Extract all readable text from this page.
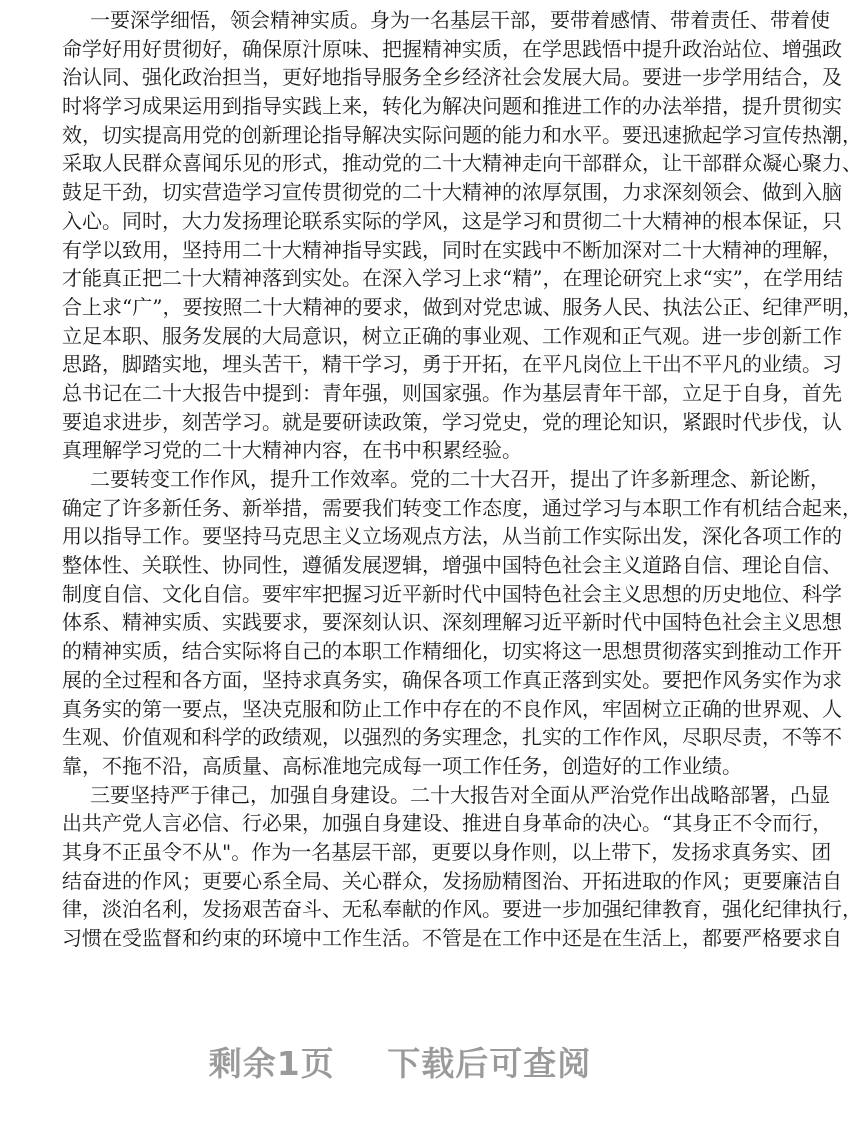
一要深学细悟，领会精神实质。身为一名基层干部，要带着感情、带着责任、带着使
命学好用好贯彻好，确保原汁原味、把握精神实质，在学思践悟中提升政治站位、增强政
治认同、强化政治担当，更好地指导服务全乡经济社会发展大局。要进一步学用结合，及
时将学习成果运用到指导实践上来，转化为解决问题和推进工作的办法举措，提升贯彻实
效，切实提高用党的创新理论指导解决实际问题的能力和水平。要迅速掀起学习宣传热潮，
采取人民群众喜闻乐见的形式，推动党的二十大精神走向干部群众，让干部群众凝心聚力、
鼓足干劲，切实营造学习宣传贯彻党的二十大精神的浓厚氛围，力求深刻领会、做到入脑
入心。同时，大力发扬理论联系实际的学风，这是学习和贯彻二十大精神的根本保证，只
有学以致用，坚持用二十大精神指导实践，同时在实践中不断加深对二十大精神的理解，
才能真正把二十大精神落到实处。在深入学习上求“精”，在理论研究上求“实”，在学用结
合上求“广”，要按照二十大精神的要求，做到对党忠诚、服务人民、执法公正、纪律严明，
立足本职、服务发展的大局意识，树立正确的事业观、工作观和正气观。进一步创新工作
思路，脚踏实地，埋头苦干，精干学习，勇于开拓，在平凡岗位上干出不平凡的业绩。习
总书记在二十大报告中提到：青年强，则国家强。作为基层青年干部，立足于自身，首先
要追求进步，刻苦学习。就是要研读政策，学习党史，党的理论知识，紧跟时代步伐，认
真理解学习党的二十大精神内容，在书中积累经验。
二要转变工作作风，提升工作效率。党的二十大召开，提出了许多新理念、新论断，
确定了许多新任务、新举措，需要我们转变工作态度，通过学习与本职工作有机结合起来，
用以指导工作。要坚持马克思主义立场观点方法，从当前工作实际出发，深化各项工作的
整体性、关联性、协同性，遵循发展逻辑，增强中国特色社会主义道路自信、理论自信、
制度自信、文化自信。要牢牢把握习近平新时代中国特色社会主义思想的历史地位、科学
体系、精神实质、实践要求，要深刻认识、深刻理解习近平新时代中国特色社会主义思想
的精神实质，结合实际将自己的本职工作精细化，切实将这一思想贯彻落实到推动工作开
展的全过程和各方面，坚持求真务实，确保各项工作真正落到实处。要把作风务实作为求
真务实的第一要点，坚决克服和防止工作中存在的不良作风，牢固树立正确的世界观、人
生观、价值观和科学的政绩观，以强烈的务实理念，扎实的工作作风，尽职尽责，不等不
靠，不拖不沿，高质量、高标准地完成每一项工作任务，创造好的工作业绩。
三要坚持严于律己，加强自身建设。二十大报告对全面从严治党作出战略部署，凸显
出共产党人言必信、行必果，加强自身建设、推进自身革命的决心。“其身正不令而行，
其身不正虽令不从"。作为一名基层干部，更要以身作则，以上带下，发扬求真务实、团
结奋进的作风；更要心系全局、关心群众，发扬励精图治、开拓进取的作风；更要廉洁自
律，淡泊名利，发扬艰苦奋斗、无私奉献的作风。要进一步加强纪律教育，强化纪律执行，
习惯在受监督和约束的环境中工作生活。不管是在工作中还是在生活上，都要严格要求自
剩余1页 下载后可查阅
